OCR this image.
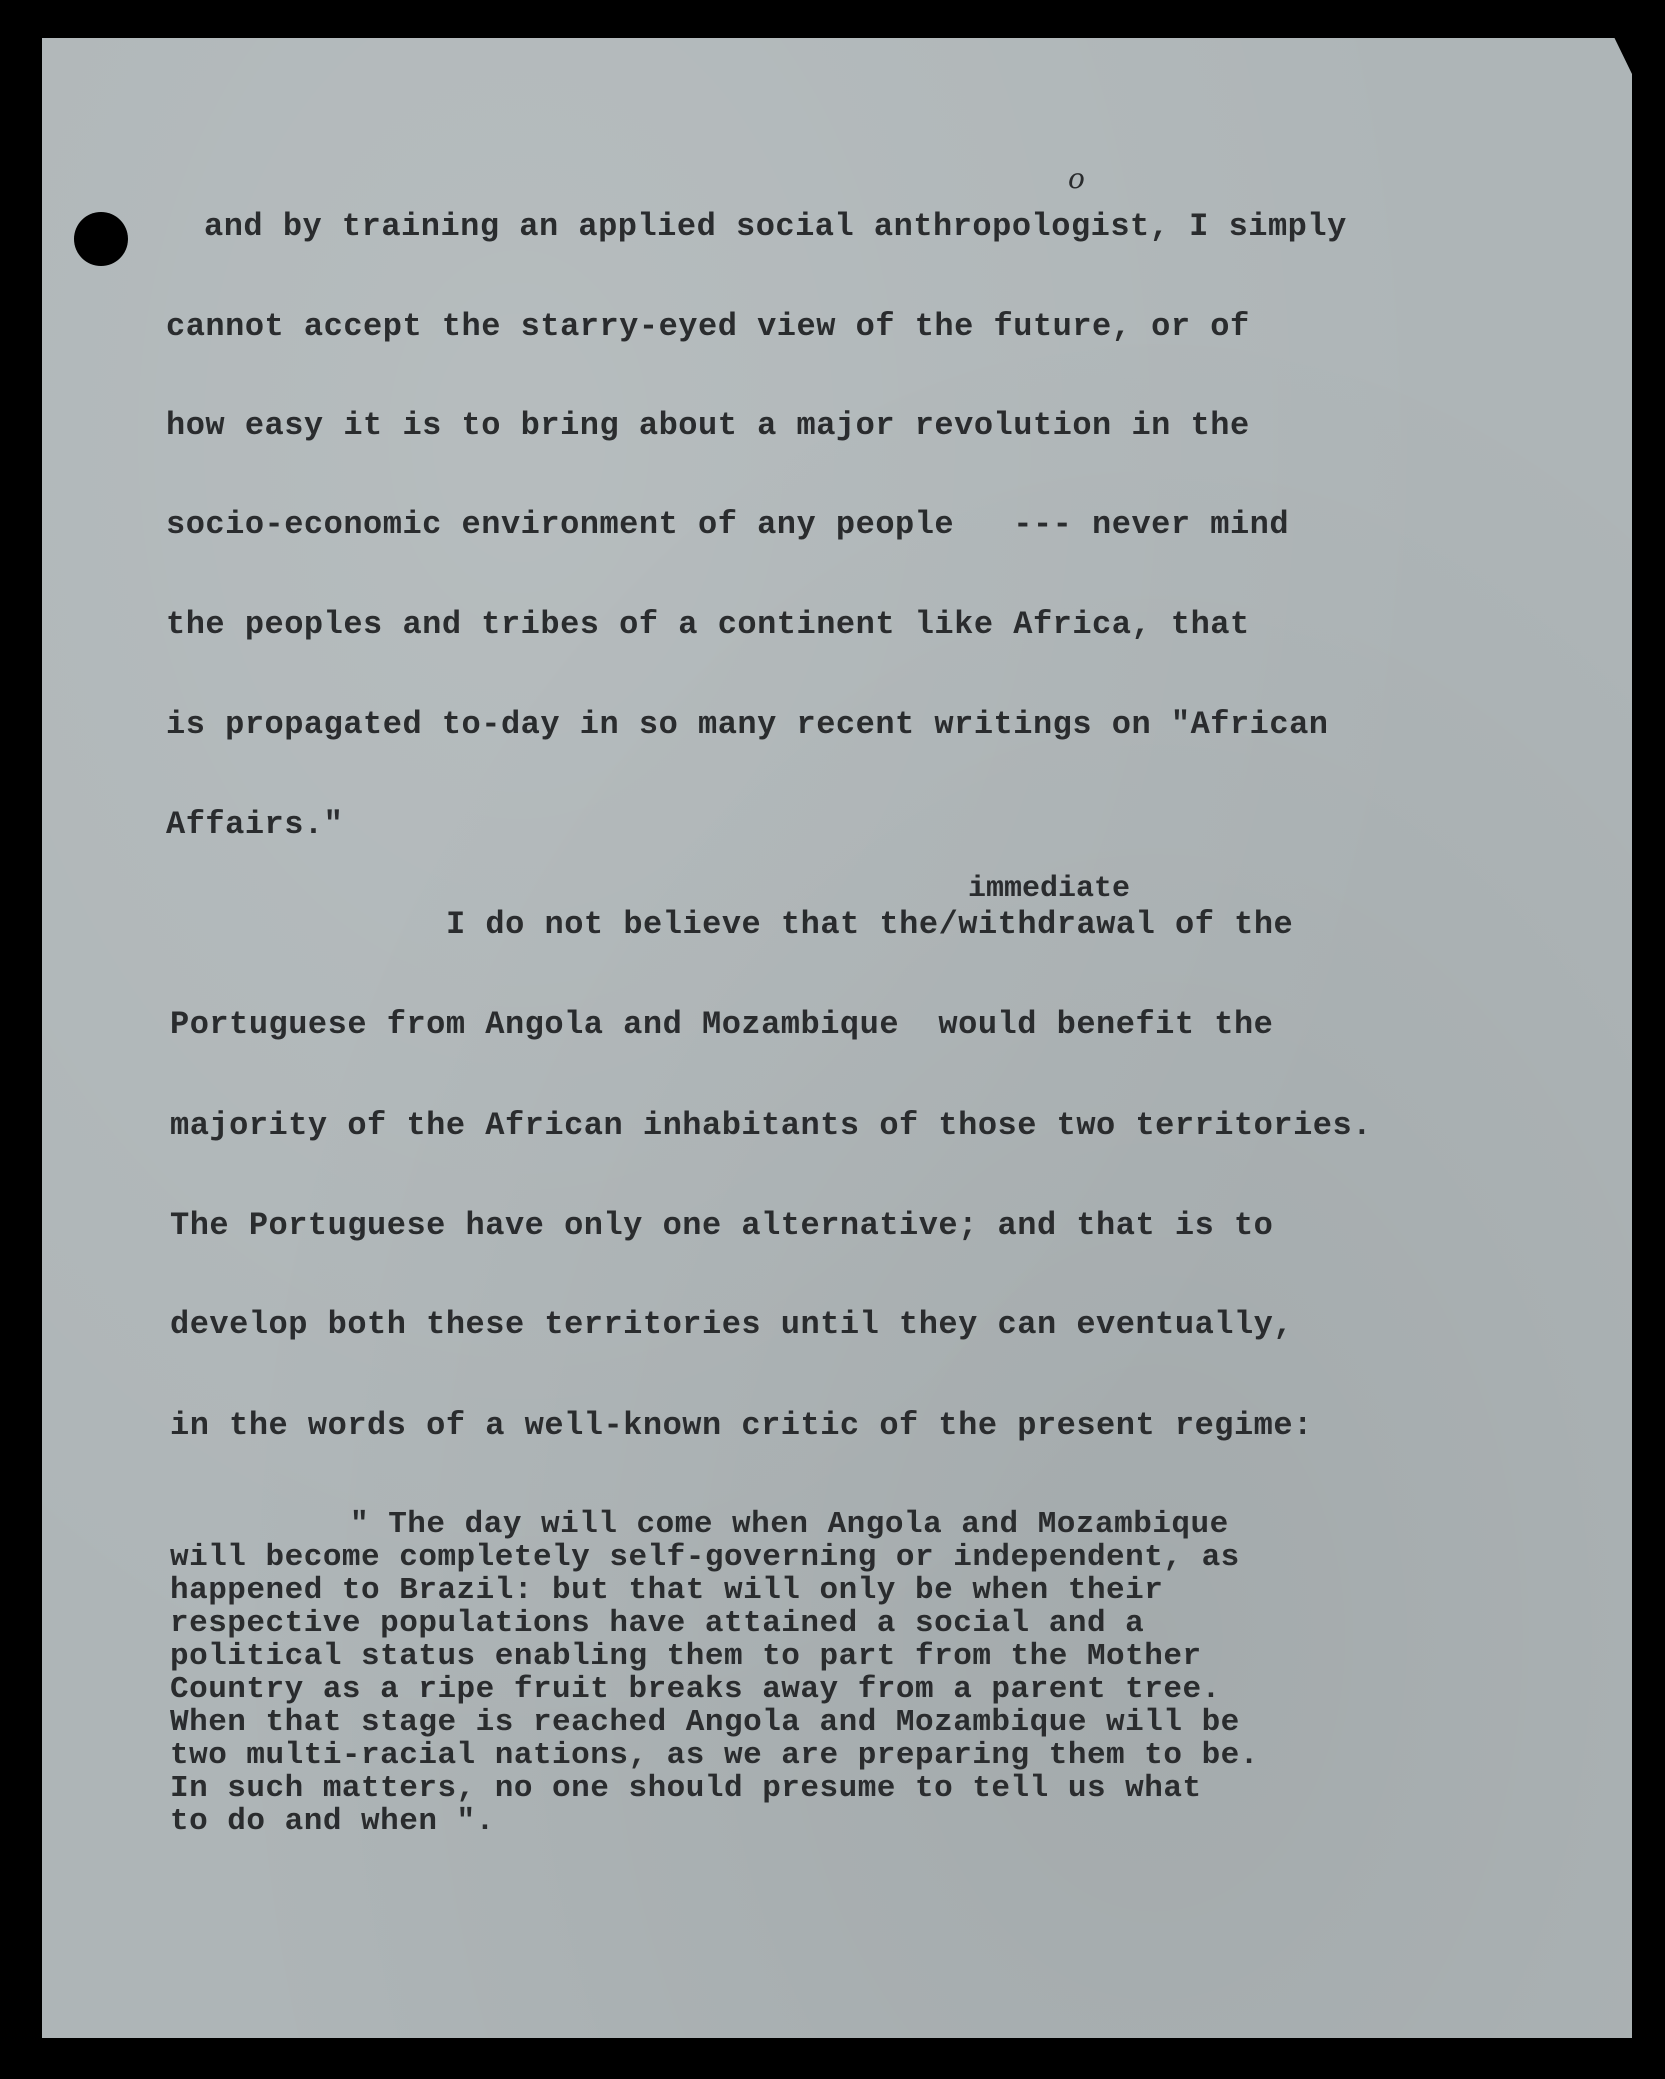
o
and by training an applied social anthropologist, I simply
cannot accept the starry-eyed view of the future, or of
how easy it is to bring about a major revolution in the
socio-economic environment of any people   --- never mind
the peoples and tribes of a continent like Africa, that
is propagated to-day in so many recent writings on "African
Affairs."
immediate
I do not believe that the/withdrawal of the
Portuguese from Angola and Mozambique  would benefit the
majority of the African inhabitants of those two territories.
The Portuguese have only one alternative; and that is to
develop both these territories until they can eventually,
in the words of a well-known critic of the present regime:
" The day will come when Angola and Mozambique
will become completely self-governing or independent, as
happened to Brazil: but that will only be when their
respective populations have attained a social and a
political status enabling them to part from the Mother
Country as a ripe fruit breaks away from a parent tree.
When that stage is reached Angola and Mozambique will be
two multi-racial nations, as we are preparing them to be.
In such matters, no one should presume to tell us what
to do and when ".
